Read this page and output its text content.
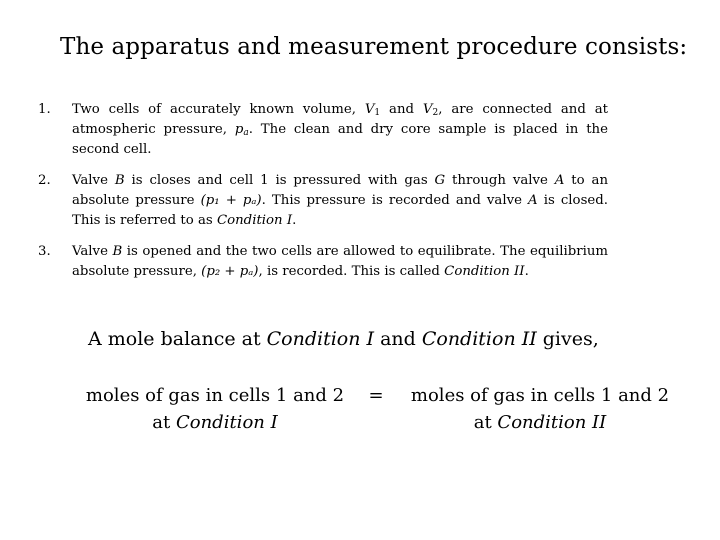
The apparatus and measurement procedure consists:
1. Two cells of accurately known volume, $V_1$ and $V_2$, are connected and at atmospheric pressure, $p_a$. The clean and dry core sample is placed in the second cell.

2. Valve B is closes and cell 1 is pressured with gas G through valve A to an absolute pressure (p₁ + pₐ). This pressure is recorded and valve A is closed. This is referred to as Condition I.

3. Valve B is opened and the two cells are allowed to equilibrate. The equilibrium absolute pressure, (p₂ + pₐ), is recorded. This is called Condition II.

A mole balance at Condition I and Condition II gives,
moles of gas in cells 1 and 2
at Condition I
=	moles of gas in cells 1 and 2
at Condition II
